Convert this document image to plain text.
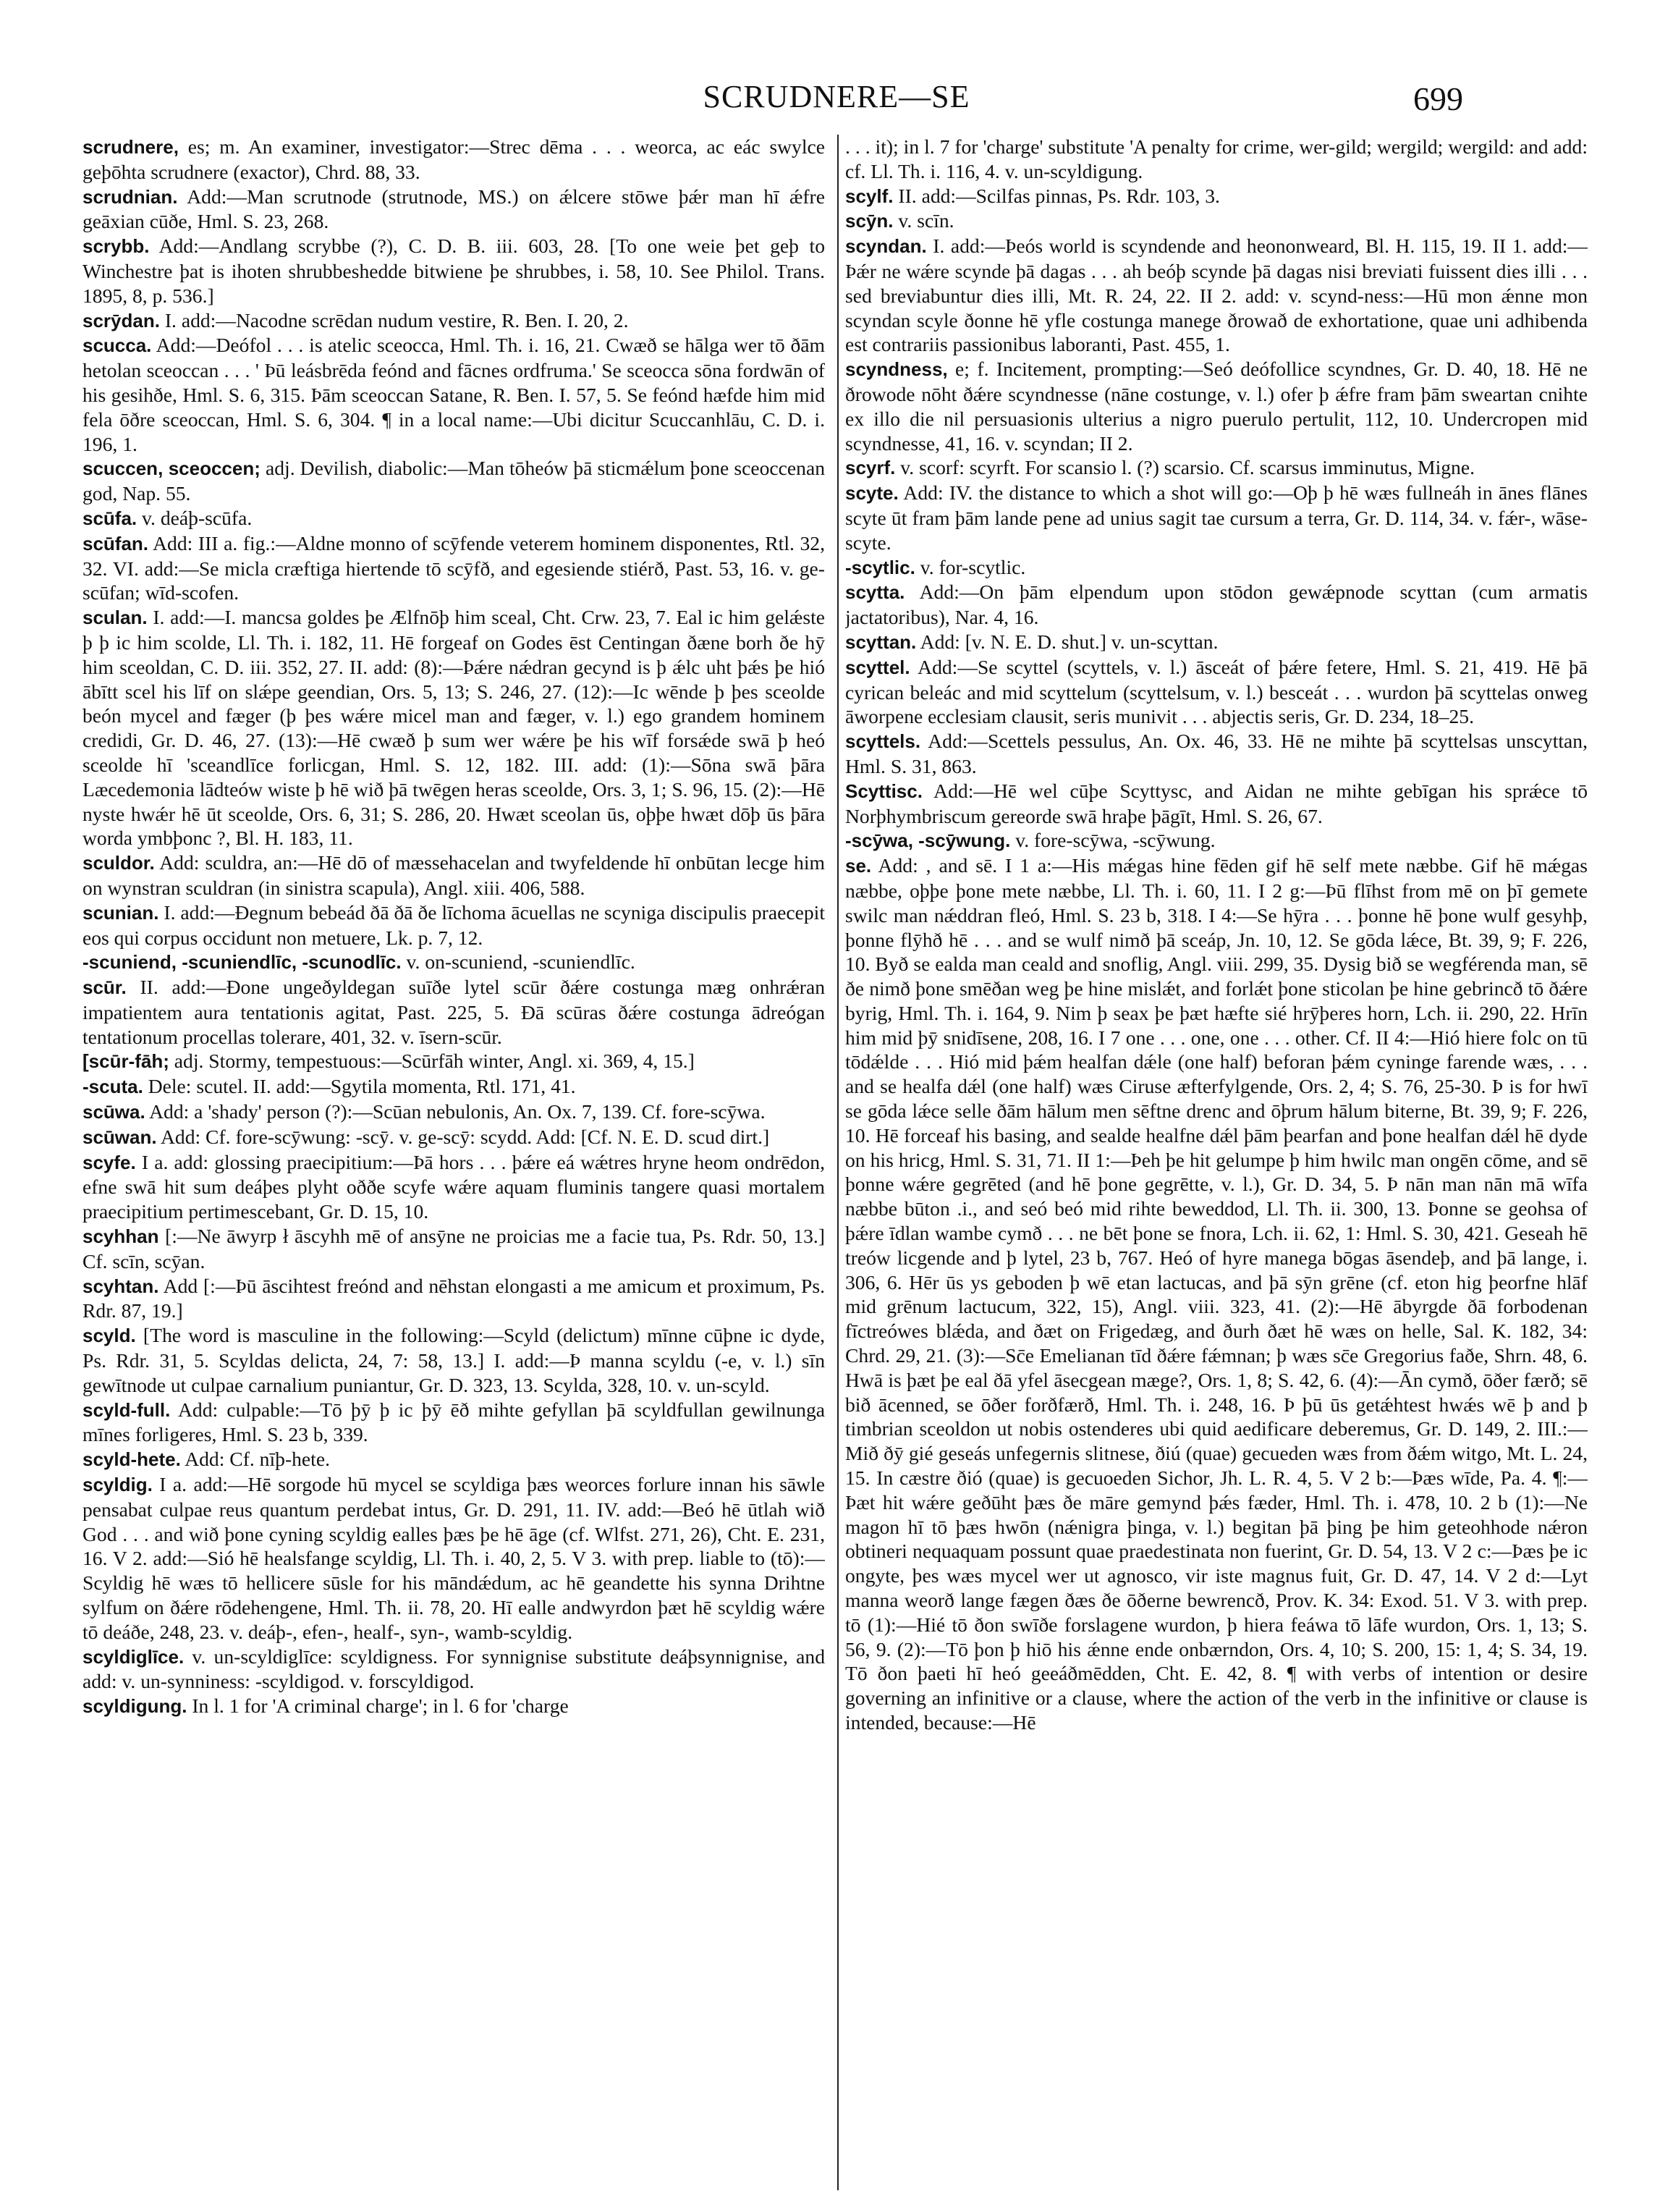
SCRUDNERE—SE	699

scrudnere, es; m. An examiner, investigator:—Strec dēma . . . weorca, ac eác swylce geþōhta scrudnere (exactor), Chrd. 88, 33.

scrudnian. Add:—Man scrutnode (strutnode, MS.) on ǽlcere stōwe þǽr man hī ǽfre geāxian cūðe, Hml. S. 23, 268.

scrybb. Add:—Andlang scrybbe (?), C. D. B. iii. 603, 28. [To one weie þet geþ to Winchestre þat is ihoten shrubbeshedde bitwiene þe shrubbes, i. 58, 10. See Philol. Trans. 1895, 8, p. 536.]

scrȳdan. I. add:—Nacodne scrēdan nudum vestire, R. Ben. I. 20, 2.

scucca. Add:—Deófol . . . is atelic sceocca, Hml. Th. i. 16, 21. Cwæð se hālga wer tō ðām hetolan sceoccan . . . ' Þū leásbrēda feónd and fācnes ordfruma.' Se sceocca sōna fordwān of his gesihðe, Hml. S. 6, 315. Þām sceoccan Satane, R. Ben. I. 57, 5. Se feónd hæfde him mid fela ōðre sceoccan, Hml. S. 6, 304. ¶ in a local name:—Ubi dicitur Scuccanhlāu, C. D. i. 196, 1.

scuccen, sceoccen; adj. Devilish, diabolic:—Man tōheów þā sticmǽlum þone sceoccenan god, Nap. 55.

scūfa. v. deáþ-scūfa.

scūfan. Add: III a. fig.:—Aldne monno of scȳfende veterem hominem disponentes, Rtl. 32, 32. VI. add:—Se micla cræftiga hiertende tō scȳfð, and egesiende stiérð, Past. 53, 16. v. ge-scūfan; wīd-scofen.

sculan. I. add:—I. mancsa goldes þe Ælfnōþ him sceal, Cht. Crw. 23, 7. Eal ic him gelǽste þ þ ic him scolde, Ll. Th. i. 182, 11. Hē forgeaf on Godes ēst Centingan ðæne borh ðe hȳ him sceoldan, C. D. iii. 352, 27. II. add: (8):—Þǽre nǽdran gecynd is þ ǽlc uht þǽs þe hió ābītt scel his līf on slǽpe geendian, Ors. 5, 13; S. 246, 27. (12):—Ic wēnde þ þes sceolde beón mycel and fæger (þ þes wǽre micel man and fæger, v. l.) ego grandem hominem credidi, Gr. D. 46, 27. (13):—Hē cwæð þ sum wer wǽre þe his wīf forsǽde swā þ heó sceolde hī 'sceandlīce forlicgan, Hml. S. 12, 182. III. add: (1):—Sōna swā þāra Læcedemonia lādteów wiste þ hē wið þā twēgen heras sceolde, Ors. 3, 1; S. 96, 15. (2):—Hē nyste hwǽr hē ūt sceolde, Ors. 6, 31; S. 286, 20. Hwæt sceolan ūs, oþþe hwæt dōþ ūs þāra worda ymbþonc ?, Bl. H. 183, 11.

sculdor. Add: sculdra, an:—Hē dō of mæssehacelan and twyfeldende hī onbūtan lecge him on wynstran sculdran (in sinistra scapula), Angl. xiii. 406, 588.

scunian. I. add:—Ðegnum bebeád ðā ðā ðe līchoma ācuellas ne scyniga discipulis praecepit eos qui corpus occidunt non metuere, Lk. p. 7, 12.

-scuniend, -scuniendlīc, -scunodlīc. v. on-scuniend, -scuniendlīc.

scūr. II. add:—Ðone ungeðyldegan suīðe lytel scūr ðǽre costunga mæg onhrǽran impatientem aura tentationis agitat, Past. 225, 5. Ðā scūras ðǽre costunga ādreógan tentationum procellas tolerare, 401, 32. v. īsern-scūr.

[scūr-fāh; adj. Stormy, tempestuous:—Scūrfāh winter, Angl. xi. 369, 4, 15.]

-scuta. Dele: scutel. II. add:—Sgytila momenta, Rtl. 171, 41.

scūwa. Add: a 'shady' person (?):—Scūan nebulonis, An. Ox. 7, 139. Cf. fore-scȳwa.

scūwan. Add: Cf. fore-scȳwung: -scȳ. v. ge-scȳ: scydd. Add: [Cf. N. E. D. scud dirt.]

scyfe. I a. add: glossing praecipitium:—Þā hors . . . þǽre eá wǽtres hryne heom ondrēdon, efne swā hit sum deáþes plyht oððe scyfe wǽre aquam fluminis tangere quasi mortalem praecipitium pertimescebant, Gr. D. 15, 10.

scyhhan [:—Ne āwyrp ł āscyhh mē of ansȳne ne proicias me a facie tua, Ps. Rdr. 50, 13.] Cf. scīn, scȳan.

scyhtan. Add [:—Þū āscihtest freónd and nēhstan elongasti a me amicum et proximum, Ps. Rdr. 87, 19.]

scyld. [The word is masculine in the following:—Scyld (delictum) mīnne cūþne ic dyde, Ps. Rdr. 31, 5. Scyldas delicta, 24, 7: 58, 13.] I. add:—Þ manna scyldu (-e, v. l.) sīn gewītnode ut culpae carnalium puniantur, Gr. D. 323, 13. Scylda, 328, 10. v. un-scyld.

scyld-full. Add: culpable:—Tō þȳ þ ic þȳ ēð mihte gefyllan þā scyldfullan gewilnunga mīnes forligeres, Hml. S. 23 b, 339.

scyld-hete. Add: Cf. nīþ-hete.

scyldig. I a. add:—Hē sorgode hū mycel se scyldiga þæs weorces forlure innan his sāwle pensabat culpae reus quantum perdebat intus, Gr. D. 291, 11. IV. add:—Beó hē ūtlah wið God . . . and wið þone cyning scyldig ealles þæs þe hē āge (cf. Wlfst. 271, 26), Cht. E. 231, 16. V 2. add:—Sió hē healsfange scyldig, Ll. Th. i. 40, 2, 5. V 3. with prep. liable to (tō):—Scyldig hē wæs tō hellicere sūsle for his māndǽdum, ac hē geandette his synna Drihtne sylfum on ðǽre rōdehengene, Hml. Th. ii. 78, 20. Hī ealle andwyrdon þæt hē scyldig wǽre tō deáðe, 248, 23. v. deáþ-, efen-, healf-, syn-, wamb-scyldig.

scyldiglīce. v. un-scyldiglīce: scyldigness. For synnignise substitute deáþsynnignise, and add: v. un-synniness: -scyldigod. v. forscyldigod.

scyldigung. In l. 1 for 'A criminal charge'; in l. 6 for 'charge

. . . it); in l. 7 for 'charge' substitute 'A penalty for crime, wer-gild; wergild; wergild: and add: cf. Ll. Th. i. 116, 4. v. un-scyldigung.

scylf. II. add:—Scilfas pinnas, Ps. Rdr. 103, 3.

scȳn. v. scīn.

scyndan. I. add:—Þeós world is scyndende and heononweard, Bl. H. 115, 19. II 1. add:—Þǽr ne wǽre scynde þā dagas . . . ah beóþ scynde þā dagas nisi breviati fuissent dies illi . . . sed breviabuntur dies illi, Mt. R. 24, 22. II 2. add: v. scynd-ness:—Hū mon ǽnne mon scyndan scyle ðonne hē yfle costunga manege ðrowað de exhortatione, quae uni adhibenda est contrariis passionibus laboranti, Past. 455, 1.

scyndness, e; f. Incitement, prompting:—Seó deófollice scyndnes, Gr. D. 40, 18. Hē ne ðrowode nōht ðǽre scyndnesse (nāne costunge, v. l.) ofer þ ǽfre fram þām sweartan cnihte ex illo die nil persuasionis ulterius a nigro puerulo pertulit, 112, 10. Undercropen mid scyndnesse, 41, 16. v. scyndan; II 2.

scyrf. v. scorf: scyrft. For scansio l. (?) scarsio. Cf. scarsus imminutus, Migne.

scyte. Add: IV. the distance to which a shot will go:—Oþ þ hē wæs fullneáh in ānes flānes scyte ūt fram þām lande pene ad unius sagit tae cursum a terra, Gr. D. 114, 34. v. fǽr-, wāse-scyte.

-scytlic. v. for-scytlic.

scytta. Add:—On þām elpendum upon stōdon gewǽpnode scyttan (cum armatis jactatoribus), Nar. 4, 16.

scyttan. Add: [v. N. E. D. shut.] v. un-scyttan.

scyttel. Add:—Se scyttel (scyttels, v. l.) āsceát of þǽre fetere, Hml. S. 21, 419. Hē þā cyrican beleác and mid scyttelum (scyttelsum, v. l.) besceát . . . wurdon þā scyttelas onweg āworpene ecclesiam clausit, seris munivit . . . abjectis seris, Gr. D. 234, 18–25.

scyttels. Add:—Scettels pessulus, An. Ox. 46, 33. Hē ne mihte þā scyttelsas unscyttan, Hml. S. 31, 863.

Scyttisc. Add:—Hē wel cūþe Scyttysc, and Aidan ne mihte gebīgan his sprǽce tō Norþhymbriscum gereorde swā hraþe þāgīt, Hml. S. 26, 67.

-scȳwa, -scȳwung. v. fore-scȳwa, -scȳwung.

se. Add: , and sē. I 1 a:—His mǽgas hine fēden gif hē self mete næbbe. Gif hē mǽgas næbbe, oþþe þone mete næbbe, Ll. Th. i. 60, 11. I 2 g:—Þū flīhst from mē on þī gemete swilc man nǽddran fleó, Hml. S. 23 b, 318. I 4:—Se hȳra . . . þonne hē þone wulf gesyhþ, þonne flȳhð hē . . . and se wulf nimð þā sceáp, Jn. 10, 12. Se gōda lǽce, Bt. 39, 9; F. 226, 10. Byð se ealda man ceald and snoflig, Angl. viii. 299, 35. Dysig bið se wegférenda man, sē ðe nimð þone smēðan weg þe hine mislǽt, and forlǽt þone sticolan þe hine gebrincð tō ðǽre byrig, Hml. Th. i. 164, 9. Nim þ seax þe þæt hæfte sié hrȳþeres horn, Lch. ii. 290, 22. Hrīn him mid þȳ snidīsene, 208, 16. I 7 one . . . one, one . . . other. Cf. II 4:—Hió hiere folc on tū tōdǽlde . . . Hió mid þǽm healfan dǽle (one half) beforan þǽm cyninge farende wæs, . . . and se healfa dǽl (one half) wæs Ciruse æfterfylgende, Ors. 2, 4; S. 76, 25-30. Þ is for hwī se gōda lǽce selle ðām hālum men sēftne drenc and ōþrum hālum biterne, Bt. 39, 9; F. 226, 10. Hē forceaf his basing, and sealde healfne dǽl þām þearfan and þone healfan dǽl hē dyde on his hricg, Hml. S. 31, 71. II 1:—Þeh þe hit gelumpe þ him hwilc man ongēn cōme, and sē þonne wǽre gegrēted (and hē þone gegrētte, v. l.), Gr. D. 34, 5. Þ nān man nān mā wīfa næbbe būton .i., and seó beó mid rihte beweddod, Ll. Th. ii. 300, 13. Þonne se geohsa of þǽre īdlan wambe cymð . . . ne bēt þone se fnora, Lch. ii. 62, 1: Hml. S. 30, 421. Geseah hē treów licgende and þ lytel, 23 b, 767. Heó of hyre manega bōgas āsendeþ, and þā lange, i. 306, 6. Hēr ūs ys geboden þ wē etan lactucas, and þā sȳn grēne (cf. eton hig þeorfne hlāf mid grēnum lactucum, 322, 15), Angl. viii. 323, 41. (2):—Hē ābyrgde ðā forbodenan fīctreówes blǽda, and ðæt on Frigedæg, and ðurh ðæt hē wæs on helle, Sal. K. 182, 34: Chrd. 29, 21. (3):—Sc̄e Emelianan tīd ðǽre fǽmnan; þ wæs sc̄e Gregorius faðe, Shrn. 48, 6. Hwā is þæt þe eal ðā yfel āsecgean mæge?, Ors. 1, 8; S. 42, 6. (4):—Ān cymð, ōðer færð; sē bið ācenned, se ōðer forðfærð, Hml. Th. i. 248, 16. Þ þū ūs getǽhtest hwǽs wē þ and þ timbrian sceoldon ut nobis ostenderes ubi quid aedificare deberemus, Gr. D. 149, 2. III.:—Mið ðȳ gié geseás unfegernis slitnese, ðiú (quae) gecueden wæs from ðǽm witgo, Mt. L. 24, 15. In cæstre ðió (quae) is gecuoeden Sichor, Jh. L. R. 4, 5. V 2 b:—Þæs wīde, Pa. 4. ¶:—Þæt hit wǽre geðūht þæs ðe māre gemynd þǽs fæder, Hml. Th. i. 478, 10. 2 b (1):—Ne magon hī tō þæs hwōn (nǽnigra þinga, v. l.) begitan þā þing þe him geteohhode nǽron obtineri nequaquam possunt quae praedestinata non fuerint, Gr. D. 54, 13. V 2 c:—Þæs þe ic ongyte, þes wæs mycel wer ut agnosco, vir iste magnus fuit, Gr. D. 47, 14. V 2 d:—Lyt manna weorð lange fægen ðæs ðe ōðerne bewrencð, Prov. K. 34: Exod. 51. V 3. with prep. tō (1):—Hié tō ðon swīðe forslagene wurdon, þ hiera feáwa tō lāfe wurdon, Ors. 1, 13; S. 56, 9. (2):—Tō þon þ hiō his ǽnne ende onbærndon, Ors. 4, 10; S. 200, 15: 1, 4; S. 34, 19. Tō ðon þaeti hī heó geeáðmēdden, Cht. E. 42, 8. ¶ with verbs of intention or desire governing an infinitive or a clause, where the action of the verb in the infinitive or clause is intended, because:—Hē
